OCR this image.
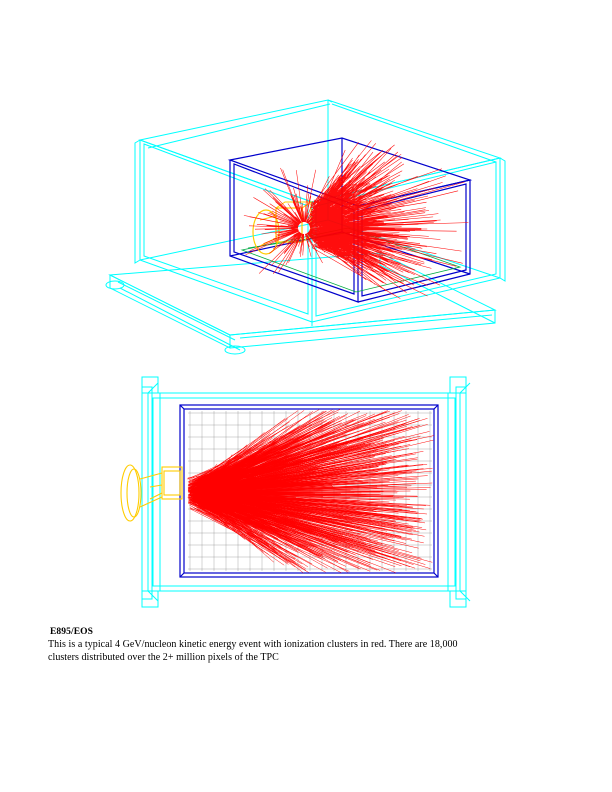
E895/EOS

This is a typical 4 GeV/nucleon kinetic energy event with ionization clusters in red. There are 18,000

clusters distributed over the 2+ million pixels of the TPC
